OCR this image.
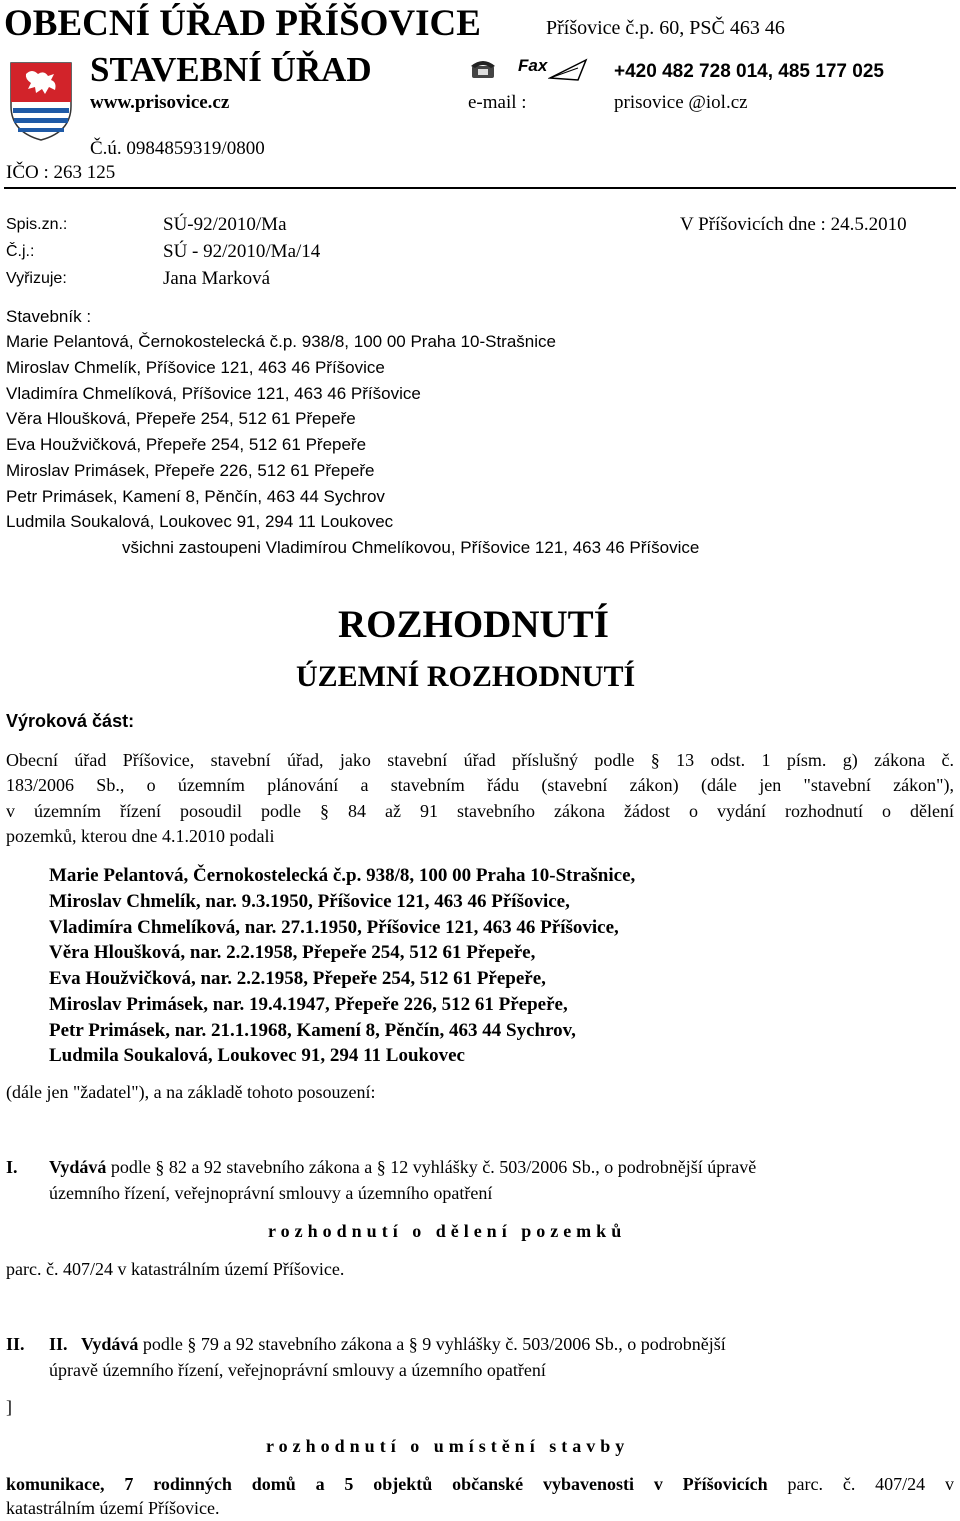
OBECNÍ ÚŘAD PŘÍŠOVICE	Příšovice č.p. 60, PSČ 463 46
STAVEBNÍ ÚŘAD	Fax	+420 482 728 014, 485 177 025
www.prisovice.cz	e-mail :	prisovice @iol.cz
Č.ú. 0984859319/0800
IČO : 263 125
Spis.zn.:	SÚ-92/2010/Ma	V Příšovicích dne : 24.5.2010
Č.j.:	SÚ - 92/2010/Ma/14
Vyřizuje:	Jana Marková
Stavebník :
Marie Pelantová, Černokostelecká č.p. 938/8, 100 00 Praha 10-Strašnice
Miroslav Chmelík, Příšovice 121, 463 46 Příšovice
Vladimíra Chmelíková, Příšovice 121, 463 46 Příšovice
Věra Hloušková, Přepeře 254, 512 61 Přepeře
Eva Houžvičková, Přepeře 254, 512 61 Přepeře
Miroslav Primásek, Přepeře 226, 512 61 Přepeře
Petr Primásek, Kamení 8, Pěnčín, 463 44 Sychrov
Ludmila Soukalová, Loukovec 91, 294 11 Loukovec
všichni zastoupeni Vladimírou Chmelíkovou, Příšovice 121, 463 46 Příšovice
ROZHODNUTÍ
ÚZEMNÍ ROZHODNUTÍ
Výroková část:
Obecní úřad Příšovice, stavební úřad, jako stavební úřad příslušný podle § 13 odst. 1 písm. g) zákona č.
183/2006 Sb., o územním plánování a stavebním řádu (stavební zákon) (dále jen "stavební zákon"),
v územním řízení posoudil podle § 84 až 91 stavebního zákona žádost o vydání rozhodnutí o dělení
pozemků, kterou dne 4.1.2010 podali
Marie Pelantová, Černokostelecká č.p. 938/8, 100 00 Praha 10-Strašnice,
Miroslav Chmelík, nar. 9.3.1950, Příšovice 121, 463 46 Příšovice,
Vladimíra Chmelíková, nar. 27.1.1950, Příšovice 121, 463 46 Příšovice,
Věra Hloušková, nar. 2.2.1958, Přepeře 254, 512 61 Přepeře,
Eva Houžvičková, nar. 2.2.1958, Přepeře 254, 512 61 Přepeře,
Miroslav Primásek, nar. 19.4.1947, Přepeře 226, 512 61 Přepeře,
Petr Primásek, nar. 21.1.1968, Kamení 8, Pěnčín, 463 44 Sychrov,
Ludmila Soukalová, Loukovec 91, 294 11 Loukovec
(dále jen "žadatel"), a na základě tohoto posouzení:
I. Vydává podle § 82 a 92 stavebního zákona a § 12 vyhlášky č. 503/2006 Sb., o podrobnější úpravě
územního řízení, veřejnoprávní smlouvy a územního opatření
rozhodnutí o dělení pozemků
parc. č. 407/24 v katastrálním území Příšovice.
II. II. Vydává podle § 79 a 92 stavebního zákona a § 9 vyhlášky č. 503/2006 Sb., o podrobnější
úpravě územního řízení, veřejnoprávní smlouvy a územního opatření
]
rozhodnutí o umístění stavby
komunikace, 7 rodinných domů a 5 objektů občanské vybavenosti v Příšovicích parc. č. 407/24 v
katastrálním území Příšovice.
